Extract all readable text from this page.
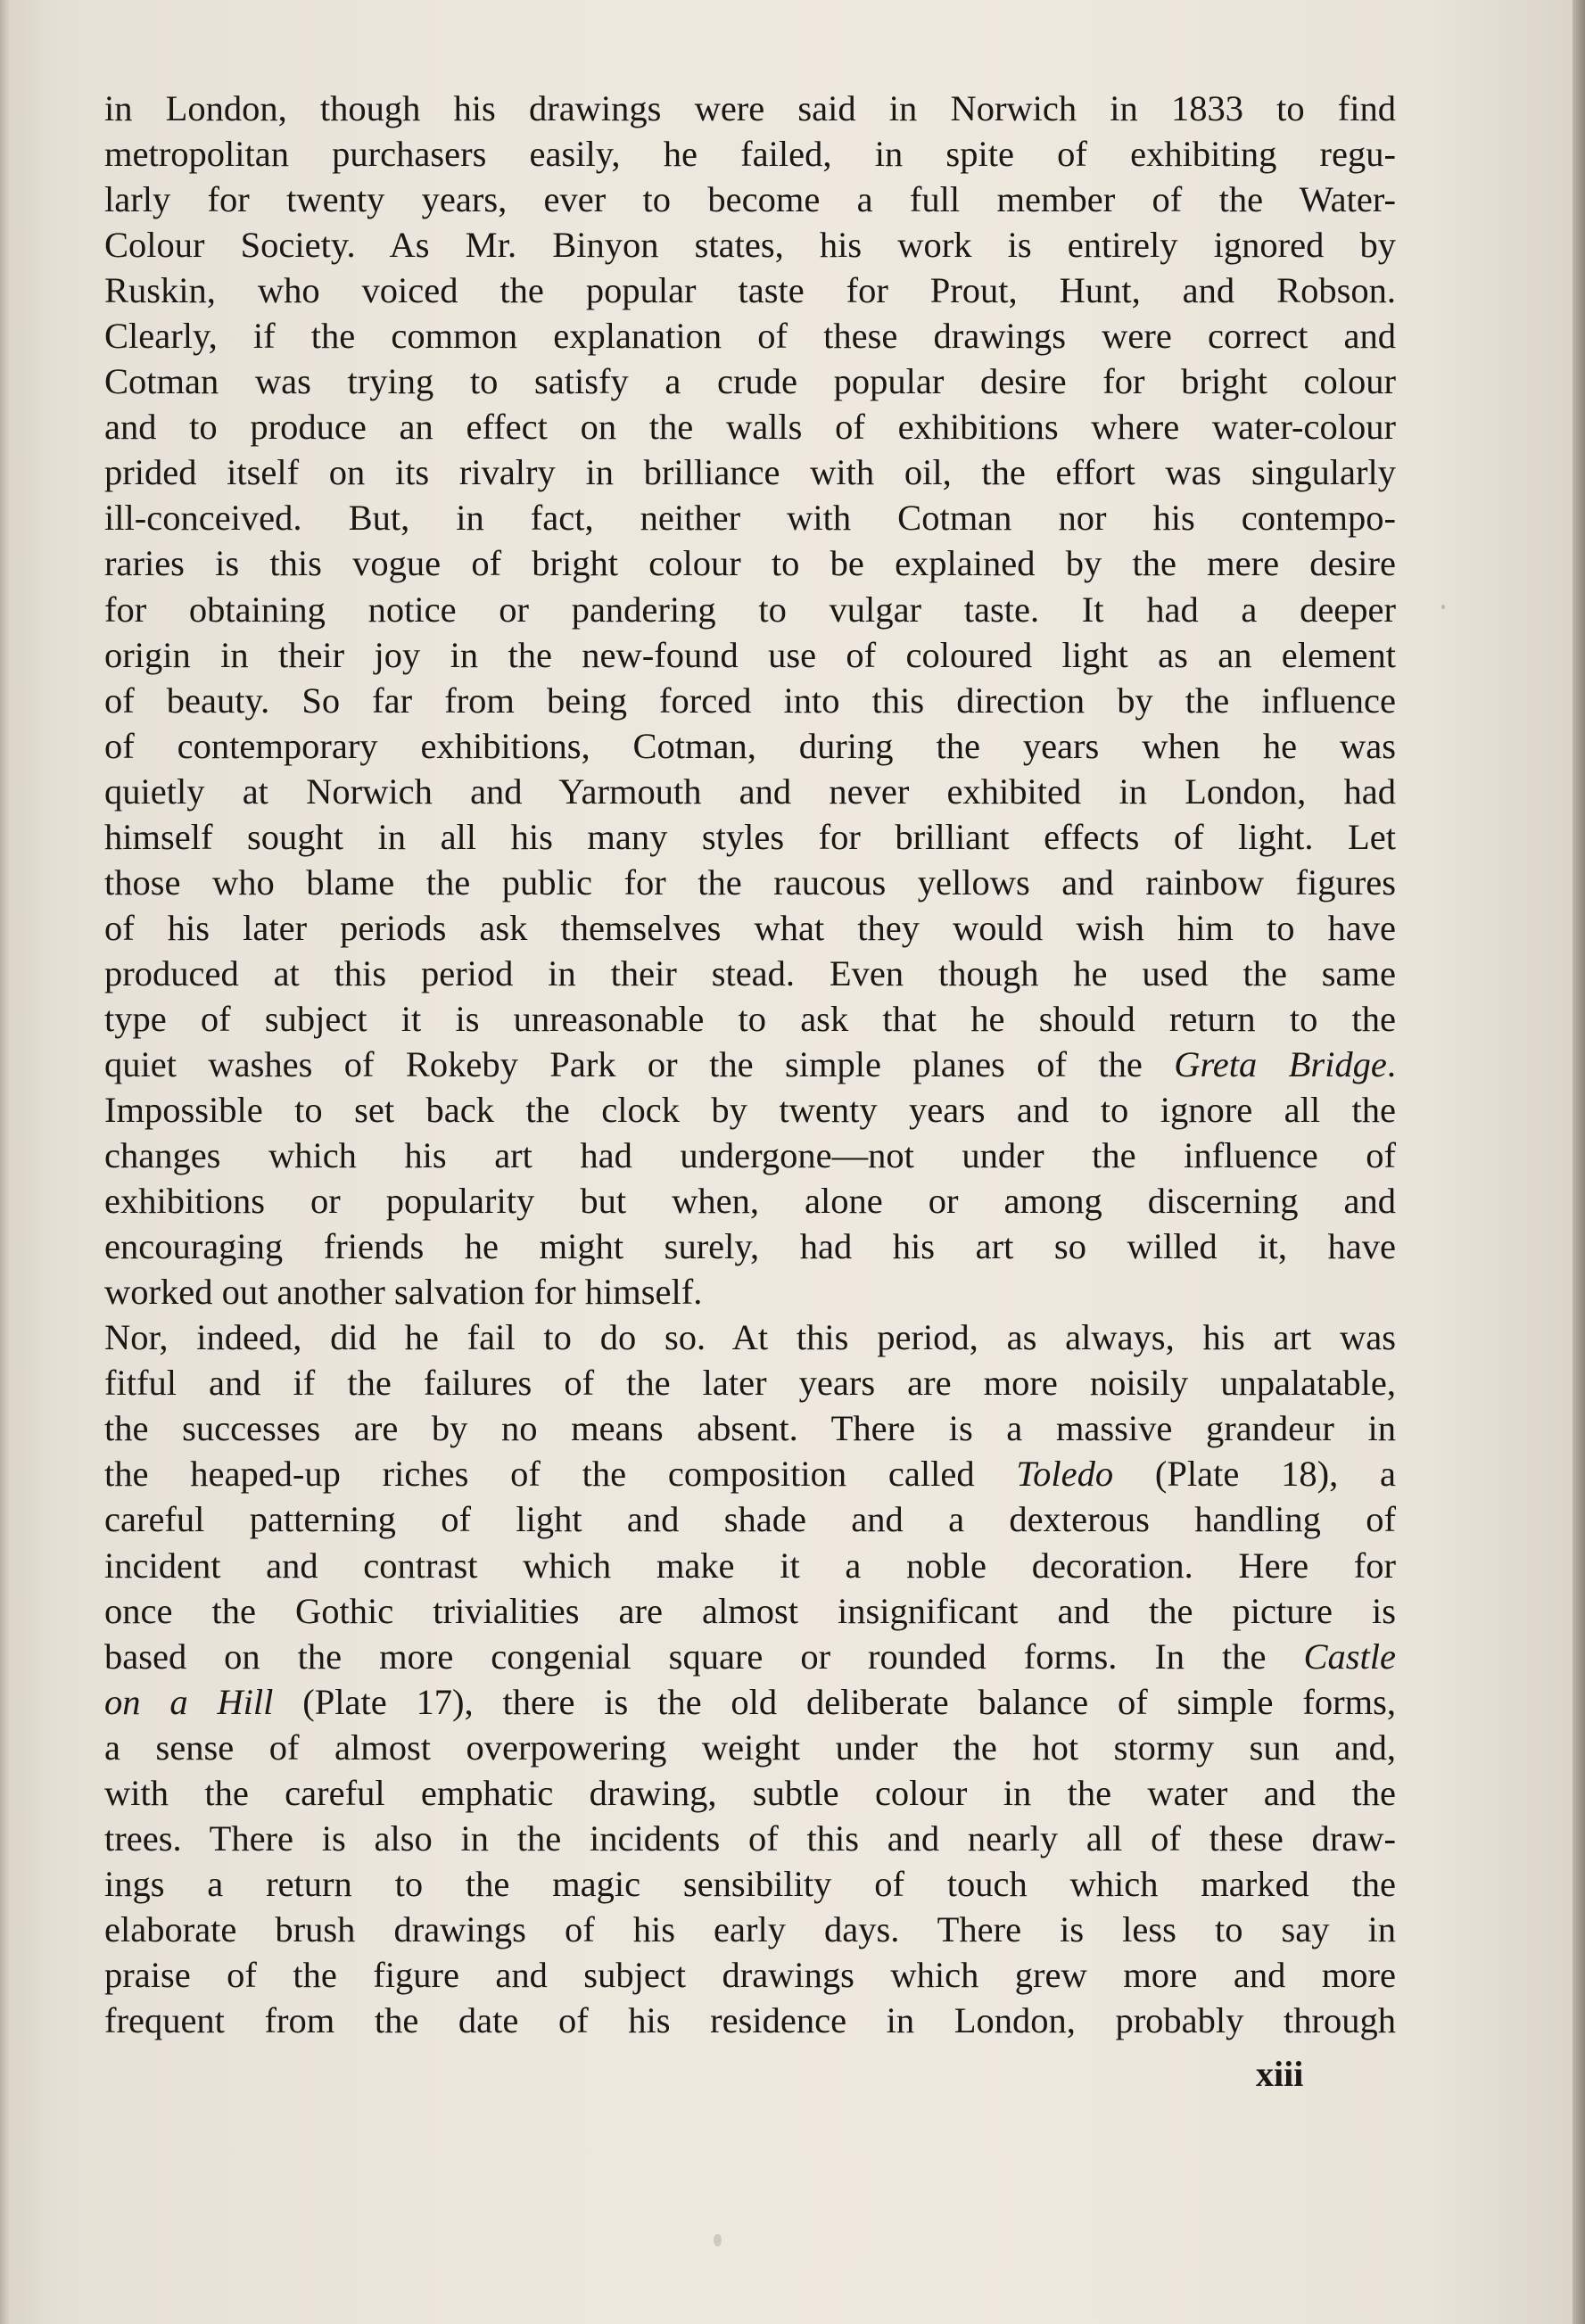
in London, though his drawings were said in Norwich in 1833 to find
metropolitan purchasers easily, he failed, in spite of exhibiting regu-
larly for twenty years, ever to become a full member of the Water-
Colour Society. As Mr. Binyon states, his work is entirely ignored by
Ruskin, who voiced the popular taste for Prout, Hunt, and Robson.
Clearly, if the common explanation of these drawings were correct and
Cotman was trying to satisfy a crude popular desire for bright colour
and to produce an effect on the walls of exhibitions where water-colour
prided itself on its rivalry in brilliance with oil, the effort was singularly
ill-conceived. But, in fact, neither with Cotman nor his contempo-
raries is this vogue of bright colour to be explained by the mere desire
for obtaining notice or pandering to vulgar taste. It had a deeper
origin in their joy in the new-found use of coloured light as an element
of beauty. So far from being forced into this direction by the influence
of contemporary exhibitions, Cotman, during the years when he was
quietly at Norwich and Yarmouth and never exhibited in London, had
himself sought in all his many styles for brilliant effects of light. Let
those who blame the public for the raucous yellows and rainbow figures
of his later periods ask themselves what they would wish him to have
produced at this period in their stead. Even though he used the same
type of subject it is unreasonable to ask that he should return to the
quiet washes of Rokeby Park or the simple planes of the Greta Bridge.
Impossible to set back the clock by twenty years and to ignore all the
changes which his art had undergone—not under the influence of
exhibitions or popularity but when, alone or among discerning and
encouraging friends he might surely, had his art so willed it, have
worked out another salvation for himself.
Nor, indeed, did he fail to do so. At this period, as always, his art was
fitful and if the failures of the later years are more noisily unpalatable,
the successes are by no means absent. There is a massive grandeur in
the heaped-up riches of the composition called Toledo (Plate 18), a
careful patterning of light and shade and a dexterous handling of
incident and contrast which make it a noble decoration. Here for
once the Gothic trivialities are almost insignificant and the picture is
based on the more congenial square or rounded forms. In the Castle
on a Hill (Plate 17), there is the old deliberate balance of simple forms,
a sense of almost overpowering weight under the hot stormy sun and,
with the careful emphatic drawing, subtle colour in the water and the
trees. There is also in the incidents of this and nearly all of these draw-
ings a return to the magic sensibility of touch which marked the
elaborate brush drawings of his early days. There is less to say in
praise of the figure and subject drawings which grew more and more
frequent from the date of his residence in London, probably through
xiii
